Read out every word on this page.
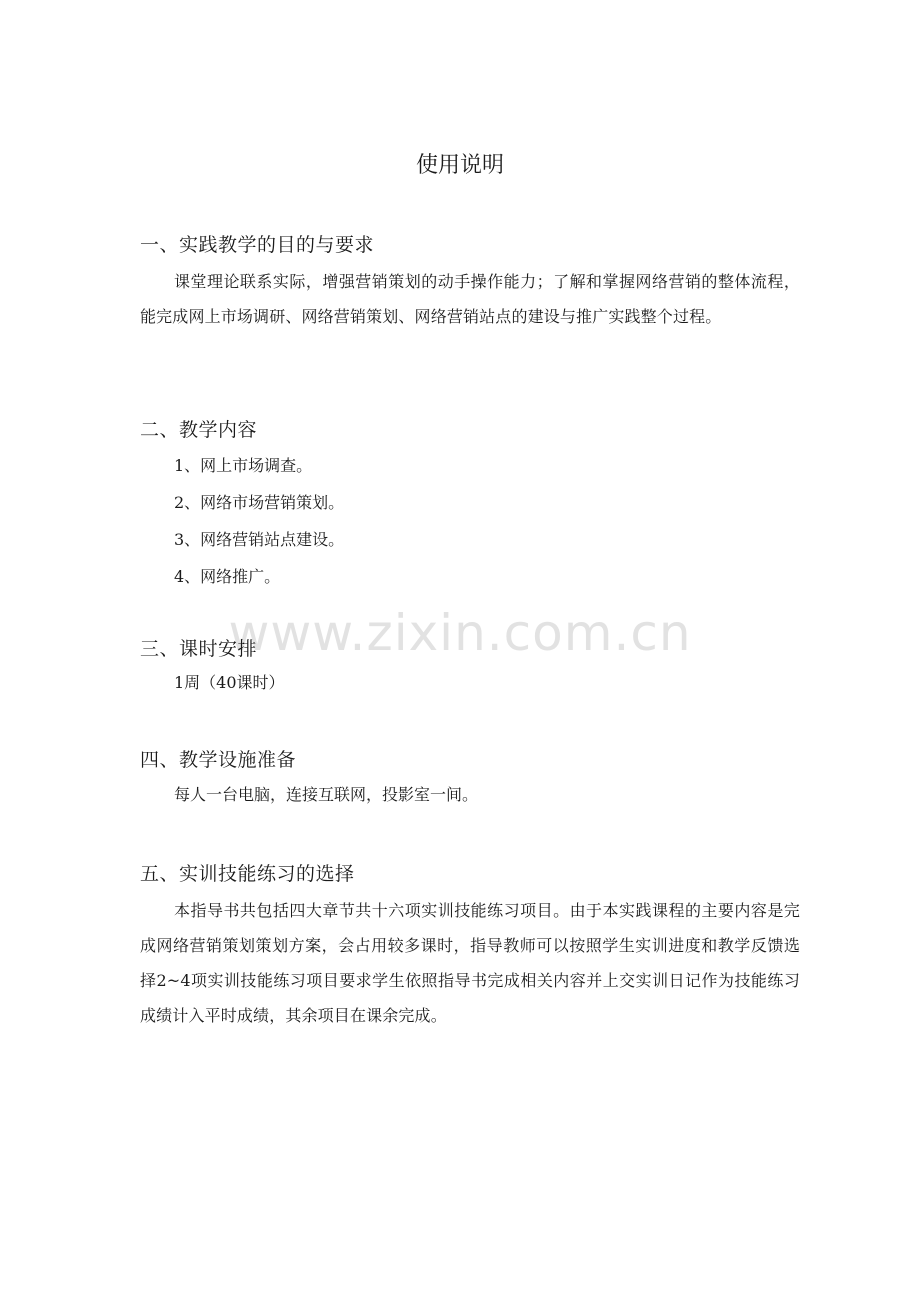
www.zixin.com.cn
使用说明
一、实践教学的目的与要求

课堂理论联系实际，增强营销策划的动手操作能力；了解和掌握网络营销的整体流程，能完成网上市场调研、网络营销策划、网络营销站点的建设与推广实践整个过程。

二、教学内容
1、网上市场调查。
2、网络市场营销策划。
3、网络营销站点建设。
4、网络推广。
三、课时安排
1周（40课时）
四、教学设施准备
每人一台电脑，连接互联网，投影室一间。
五、实训技能练习的选择

本指导书共包括四大章节共十六项实训技能练习项目。由于本实践课程的主要内容是完成网络营销策划策划方案，会占用较多课时，指导教师可以按照学生实训进度和教学反馈选择2~4项实训技能练习项目要求学生依照指导书完成相关内容并上交实训日记作为技能练习成绩计入平时成绩，其余项目在课余完成。
